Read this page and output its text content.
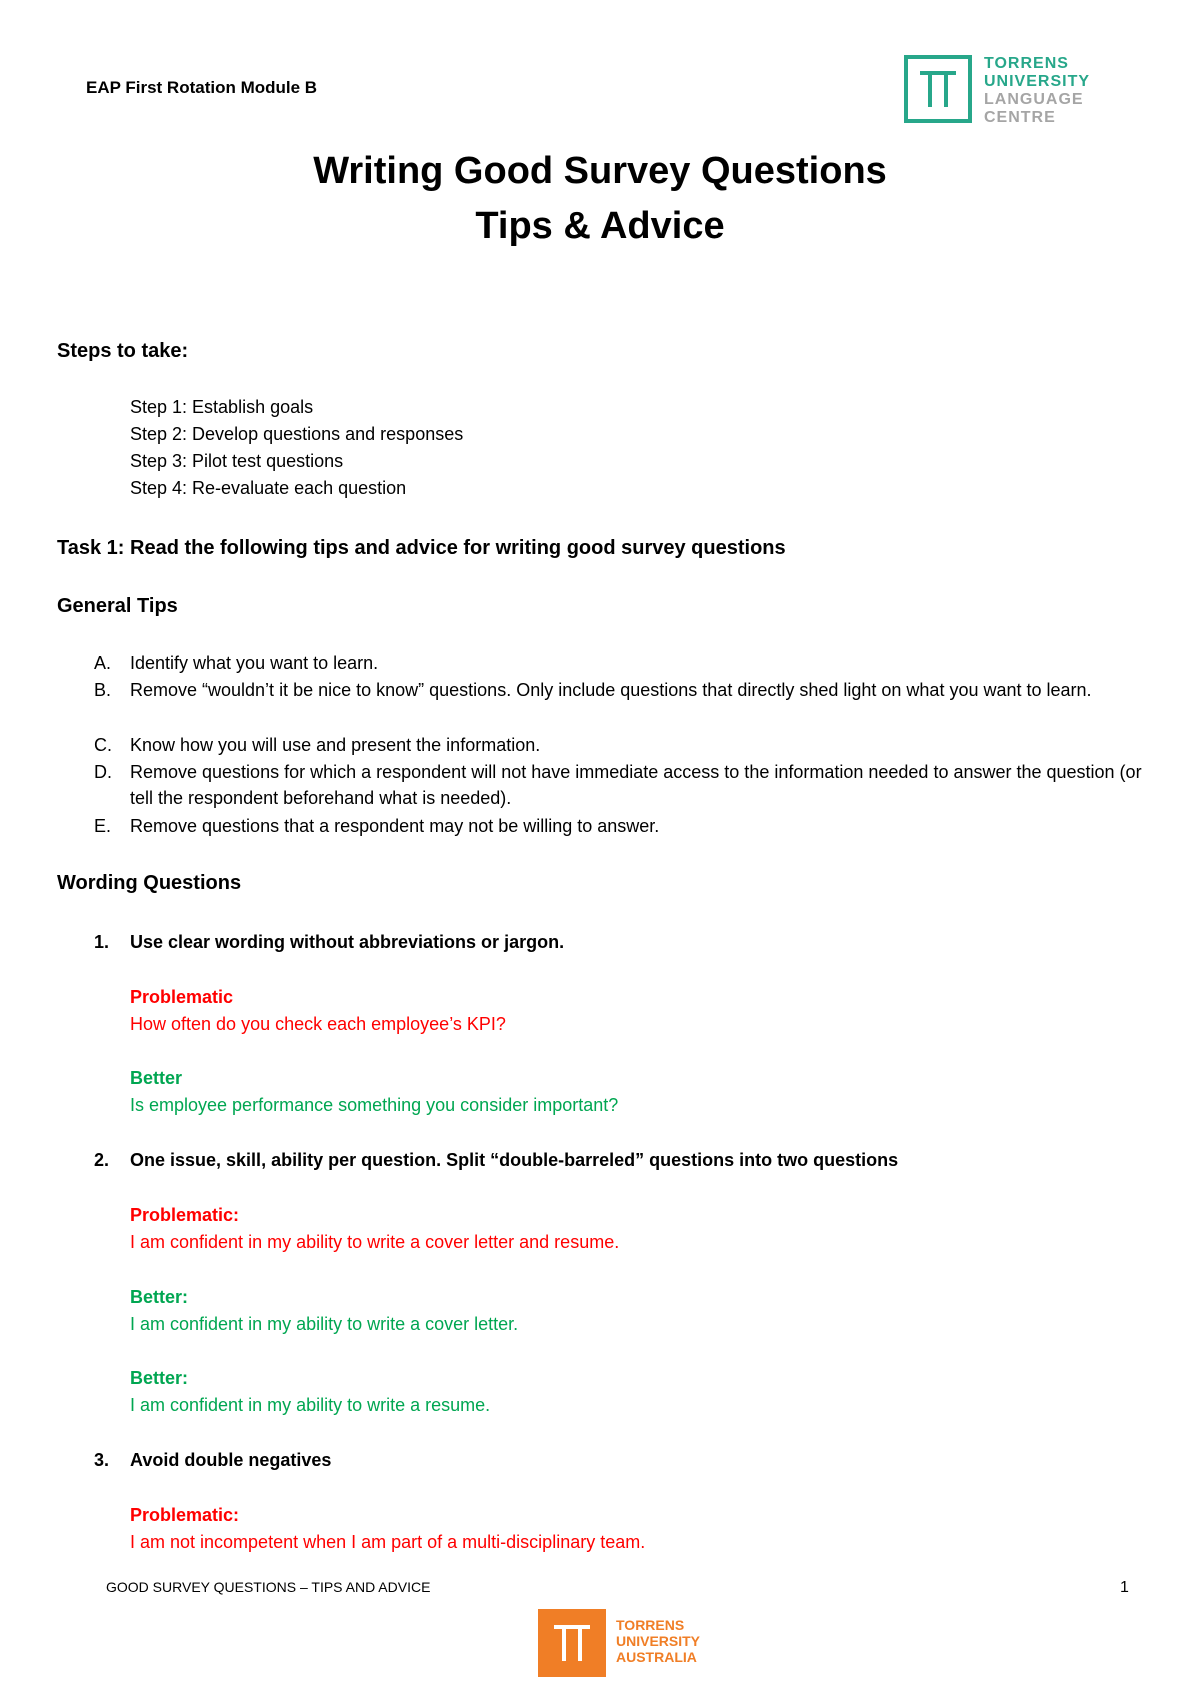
EAP First Rotation Module B
TORRENS
UNIVERSITY
LANGUAGE
CENTRE
Writing Good Survey Questions
Tips & Advice
Steps to take:
Step 1: Establish goals
Step 2: Develop questions and responses
Step 3: Pilot test questions
Step 4: Re-evaluate each question
Task 1: Read the following tips and advice for writing good survey questions
General Tips
A. Identify what you want to learn.
B. Remove “wouldn’t it be nice to know” questions. Only include questions that directly shed light on what you want to learn.
C. Know how you will use and present the information.
D. Remove questions for which a respondent will not have immediate access to the information needed to answer the question (or tell the respondent beforehand what is needed).
E. Remove questions that a respondent may not be willing to answer.
Wording Questions
1. Use clear wording without abbreviations or jargon.
Problematic
How often do you check each employee’s KPI?
Better
Is employee performance something you consider important?
2. One issue, skill, ability per question. Split “double-barreled” questions into two questions
Problematic:
I am confident in my ability to write a cover letter and resume.
Better:
I am confident in my ability to write a cover letter.
Better:
I am confident in my ability to write a resume.
3. Avoid double negatives
Problematic:
I am not incompetent when I am part of a multi-disciplinary team.
GOOD SURVEY QUESTIONS – TIPS AND ADVICE	1
TORRENS
UNIVERSITY
AUSTRALIA
